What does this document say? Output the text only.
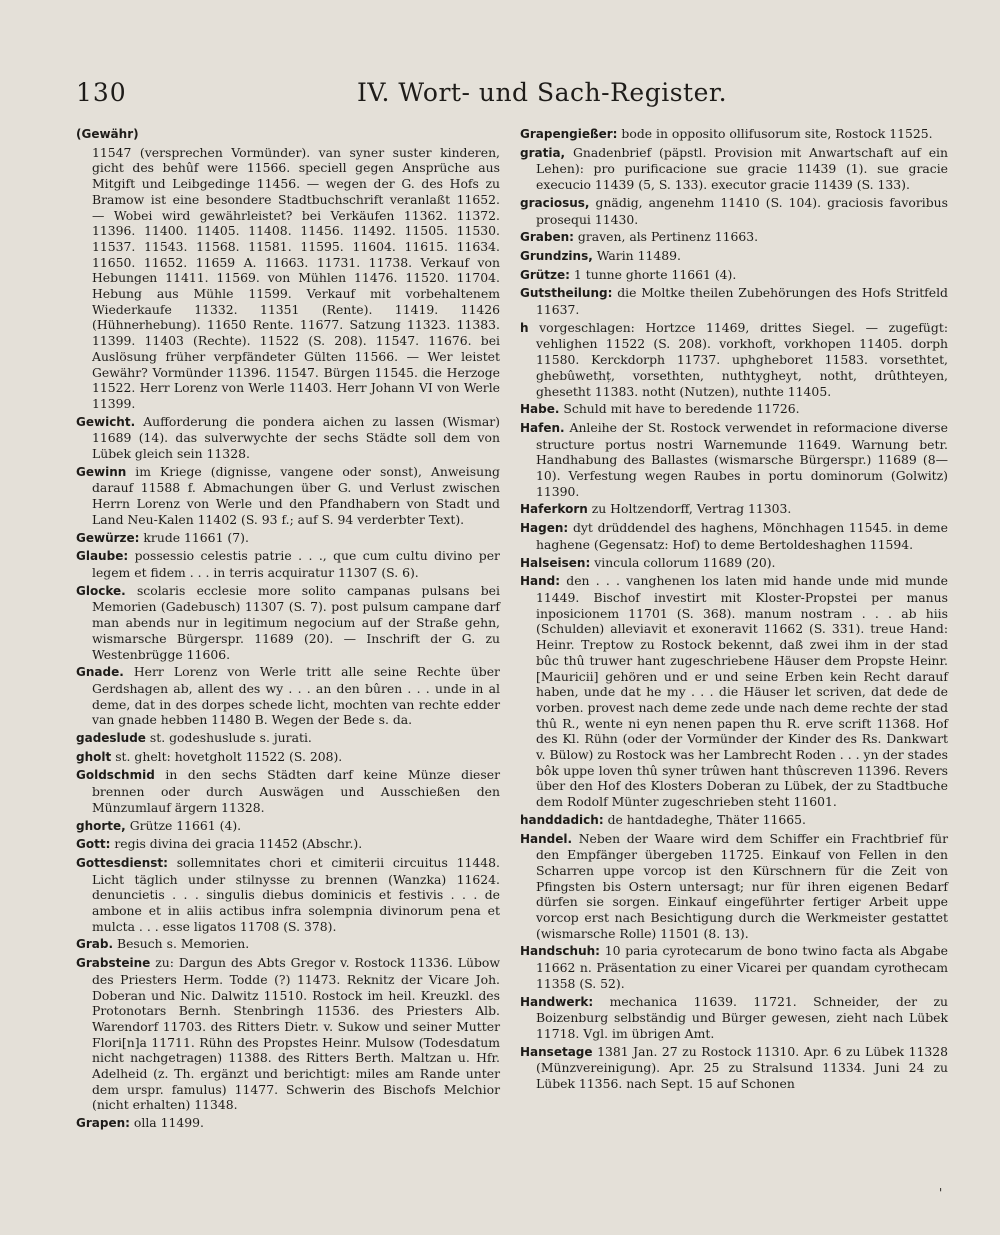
130	IV. Wort- und Sach-Register.

(Gewähr)

11547 (versprechen Vormünder). van syner suster kinderen, gicht des behûf were 11566. speciell gegen Ansprüche aus Mitgift und Leibgedinge 11456. — wegen der G. des Hofs zu Bramow ist eine besondere Stadtbuchschrift veranlaßt 11652. — Wobei wird gewährleistet? bei Verkäufen 11362. 11372. 11396. 11400. 11405. 11408. 11456. 11492. 11505. 11530. 11537. 11543. 11568. 11581. 11595. 11604. 11615. 11634. 11650. 11652. 11659 A. 11663. 11731. 11738. Verkauf von Hebungen 11411. 11569. von Mühlen 11476. 11520. 11704. Hebung aus Mühle 11599. Verkauf mit vorbehaltenem Wiederkaufe 11332. 11351 (Rente). 11419. 11426 (Hühnerhebung). 11650 Rente. 11677. Satzung 11323. 11383. 11399. 11403 (Rechte). 11522 (S. 208). 11547. 11676. bei Auslösung früher verpfändeter Gülten 11566. — Wer leistet Gewähr? Vormünder 11396. 11547. Bürgen 11545. die Herzoge 11522. Herr Lorenz von Werle 11403. Herr Johann VI von Werle 11399.

Gewicht. Aufforderung die pondera aichen zu lassen (Wismar) 11689 (14). das sulverwychte der sechs Städte soll dem von Lübek gleich sein 11328.

Gewinn im Kriege (dignisse, vangene oder sonst), Anweisung darauf 11588 f. Abmachungen über G. und Verlust zwischen Herrn Lorenz von Werle und den Pfandhabern von Stadt und Land Neu-Kalen 11402 (S. 93 f.; auf S. 94 verderbter Text).

Gewürze: krude 11661 (7).

Glaube: possessio celestis patrie . . ., que cum cultu divino per legem et fidem . . . in terris acquiratur 11307 (S. 6).

Glocke. scolaris ecclesie more solito campanas pulsans bei Memorien (Gadebusch) 11307 (S. 7). post pulsum campane darf man abends nur in legitimum negocium auf der Straße gehn, wismarsche Bürgerspr. 11689 (20). — Inschrift der G. zu Westenbrügge 11606.

Gnade. Herr Lorenz von Werle tritt alle seine Rechte über Gerdshagen ab, allent des wy . . . an den bûren . . . unde in al deme, dat in des dorpes schede licht, mochten van rechte edder van gnade hebben 11480 B. Wegen der Bede s. da.

gadeslude st. godeshuslude s. jurati.

gholt st. ghelt: hovetgholt 11522 (S. 208).

Goldschmid in den sechs Städten darf keine Münze dieser brennen oder durch Auswägen und Ausschießen den Münzumlauf ärgern 11328.

ghorte, Grütze 11661 (4).

Gott: regis divina dei gracia 11452 (Abschr.).

Gottesdienst: sollemnitates chori et cimiterii circuitus 11448. Licht täglich under stilnysse zu brennen (Wanzka) 11624. denuncietis . . . singulis diebus dominicis et festivis . . . de ambone et in aliis actibus infra solempnia divinorum pena et mulcta . . . esse ligatos 11708 (S. 378).

Grab. Besuch s. Memorien.

Grabsteine zu: Dargun des Abts Gregor v. Rostock 11336. Lübow des Priesters Herm. Todde (?) 11473. Reknitz der Vicare Joh. Doberan und Nic. Dalwitz 11510. Rostock im heil. Kreuzkl. des Protonotars Bernh. Stenbringh 11536. des Priesters Alb. Warendorf 11703. des Ritters Dietr. v. Sukow und seiner Mutter Flori[n]a 11711. Rühn des Propstes Heinr. Mulsow (Todesdatum nicht nachgetragen) 11388. des Ritters Berth. Maltzan u. Hfr. Adelheid (z. Th. ergänzt und berichtigt: miles am Rande unter dem urspr. famulus) 11477. Schwerin des Bischofs Melchior (nicht erhalten) 11348.

Grapen: olla 11499.

Grapengießer: bode in opposito ollifusorum site, Rostock 11525.

gratia, Gnadenbrief (päpstl. Provision mit Anwartschaft auf ein Lehen): pro purificacione sue gracie 11439 (1). sue gracie execucio 11439 (5, S. 133). executor gracie 11439 (S. 133).

graciosus, gnädig, angenehm 11410 (S. 104). graciosis favoribus prosequi 11430.

Graben: graven, als Pertinenz 11663.

Grundzins, Warin 11489.

Grütze: 1 tunne ghorte 11661 (4).

Gutstheilung: die Moltke theilen Zubehörungen des Hofs Stritfeld 11637.

h vorgeschlagen: Hortzce 11469, drittes Siegel. — zugefügt: vehlighen 11522 (S. 208). vorkhoft, vorkhopen 11405. dorph 11580. Kerckdorph 11737. uphgheboret 11583. vorsethtet, ghebûwethț, vorsethten, nuthtygheyt, notht, drûthteyen, ghesetht 11383. notht (Nutzen), nuthte 11405.

Habe. Schuld mit have to beredende 11726.

Hafen. Anleihe der St. Rostock verwendet in reformacione diverse structure portus nostri Warnemunde 11649. Warnung betr. Handhabung des Ballastes (wismarsche Bürgerspr.) 11689 (8—10). Verfestung wegen Raubes in portu dominorum (Golwitz) 11390.

Haferkorn zu Holtzendorff, Vertrag 11303.

Hagen: dyt drüddendel des haghens, Mönchhagen 11545. in deme haghene (Gegensatz: Hof) to deme Bertoldeshaghen 11594.

Halseisen: vincula collorum 11689 (20).

Hand: den . . . vanghenen los laten mid hande unde mid munde 11449. Bischof investirt mit Kloster-Propstei per manus inposicionem 11701 (S. 368). manum nostram . . . ab hiis (Schulden) alleviavit et exoneravit 11662 (S. 331). treue Hand: Heinr. Treptow zu Rostock bekennt, daß zwei ihm in der stad bûc thû truwer hant zugeschriebene Häuser dem Propste Heinr. [Mauricii] gehören und er und seine Erben kein Recht darauf haben, unde dat he my . . . die Häuser let scriven, dat dede de vorben. provest nach deme zede unde nach deme rechte der stad thû R., wente ni eyn nenen papen thu R. erve scrift 11368. Hof des Kl. Rühn (oder der Vormünder der Kinder des Rs. Dankwart v. Bülow) zu Rostock was her Lambrecht Roden . . . yn der stades bôk uppe loven thû syner trûwen hant thûscreven 11396. Revers über den Hof des Klosters Doberan zu Lübek, der zu Stadtbuche dem Rodolf Münter zugeschrieben steht 11601.

handdadich: de hantdadeghe, Thäter 11665.

Handel. Neben der Waare wird dem Schiffer ein Frachtbrief für den Empfänger übergeben 11725. Einkauf von Fellen in den Scharren uppe vorcop ist den Kürschnern für die Zeit von Pfingsten bis Ostern untersagt; nur für ihren eigenen Bedarf dürfen sie sorgen. Einkauf eingeführter fertiger Arbeit uppe vorcop erst nach Besichtigung durch die Werkmeister gestattet (wismarsche Rolle) 11501 (8. 13).

Handschuh: 10 paria cyrotecarum de bono twino facta als Abgabe 11662 n. Präsentation zu einer Vicarei per quandam cyrothecam 11358 (S. 52).

Handwerk: mechanica 11639. 11721. Schneider, der zu Boizenburg selbständig und Bürger gewesen, zieht nach Lübek 11718. Vgl. im übrigen Amt.

Hansetage 1381 Jan. 27 zu Rostock 11310. Apr. 6 zu Lübek 11328 (Münzvereinigung). Apr. 25 zu Stralsund 11334. Juni 24 zu Lübek 11356. nach Sept. 15 auf Schonen

'
